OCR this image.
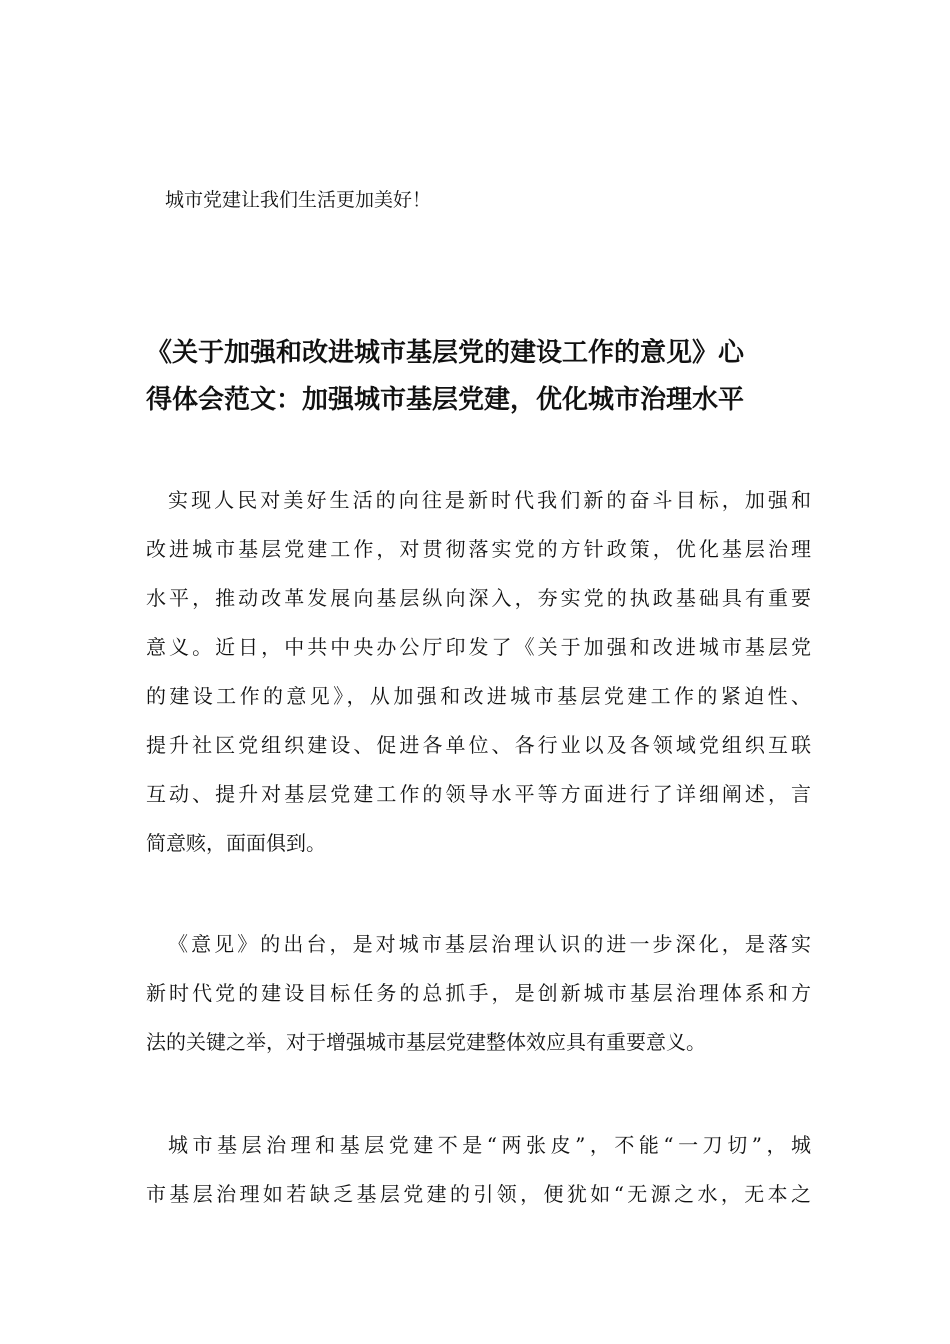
城市党建让我们生活更加美好！
《关于加强和改进城市基层党的建设工作的意见》心
得体会范文：加强城市基层党建，优化城市治理水平
实现人民对美好生活的向往是新时代我们新的奋斗目标，加强和
改进城市基层党建工作，对贯彻落实党的方针政策，优化基层治理
水平，推动改革发展向基层纵向深入，夯实党的执政基础具有重要
意义。近日，中共中央办公厅印发了《关于加强和改进城市基层党
的建设工作的意见》，从加强和改进城市基层党建工作的紧迫性、
提升社区党组织建设、促进各单位、各行业以及各领域党组织互联
互动、提升对基层党建工作的领导水平等方面进行了详细阐述，言
简意赅，面面俱到。
《意见》的出台，是对城市基层治理认识的进一步深化，是落实
新时代党的建设目标任务的总抓手，是创新城市基层治理体系和方
法的关键之举，对于增强城市基层党建整体效应具有重要意义。
城市基层治理和基层党建不是“两张皮”，不能“一刀切”，城
市基层治理如若缺乏基层党建的引领，便犹如“无源之水，无本之
